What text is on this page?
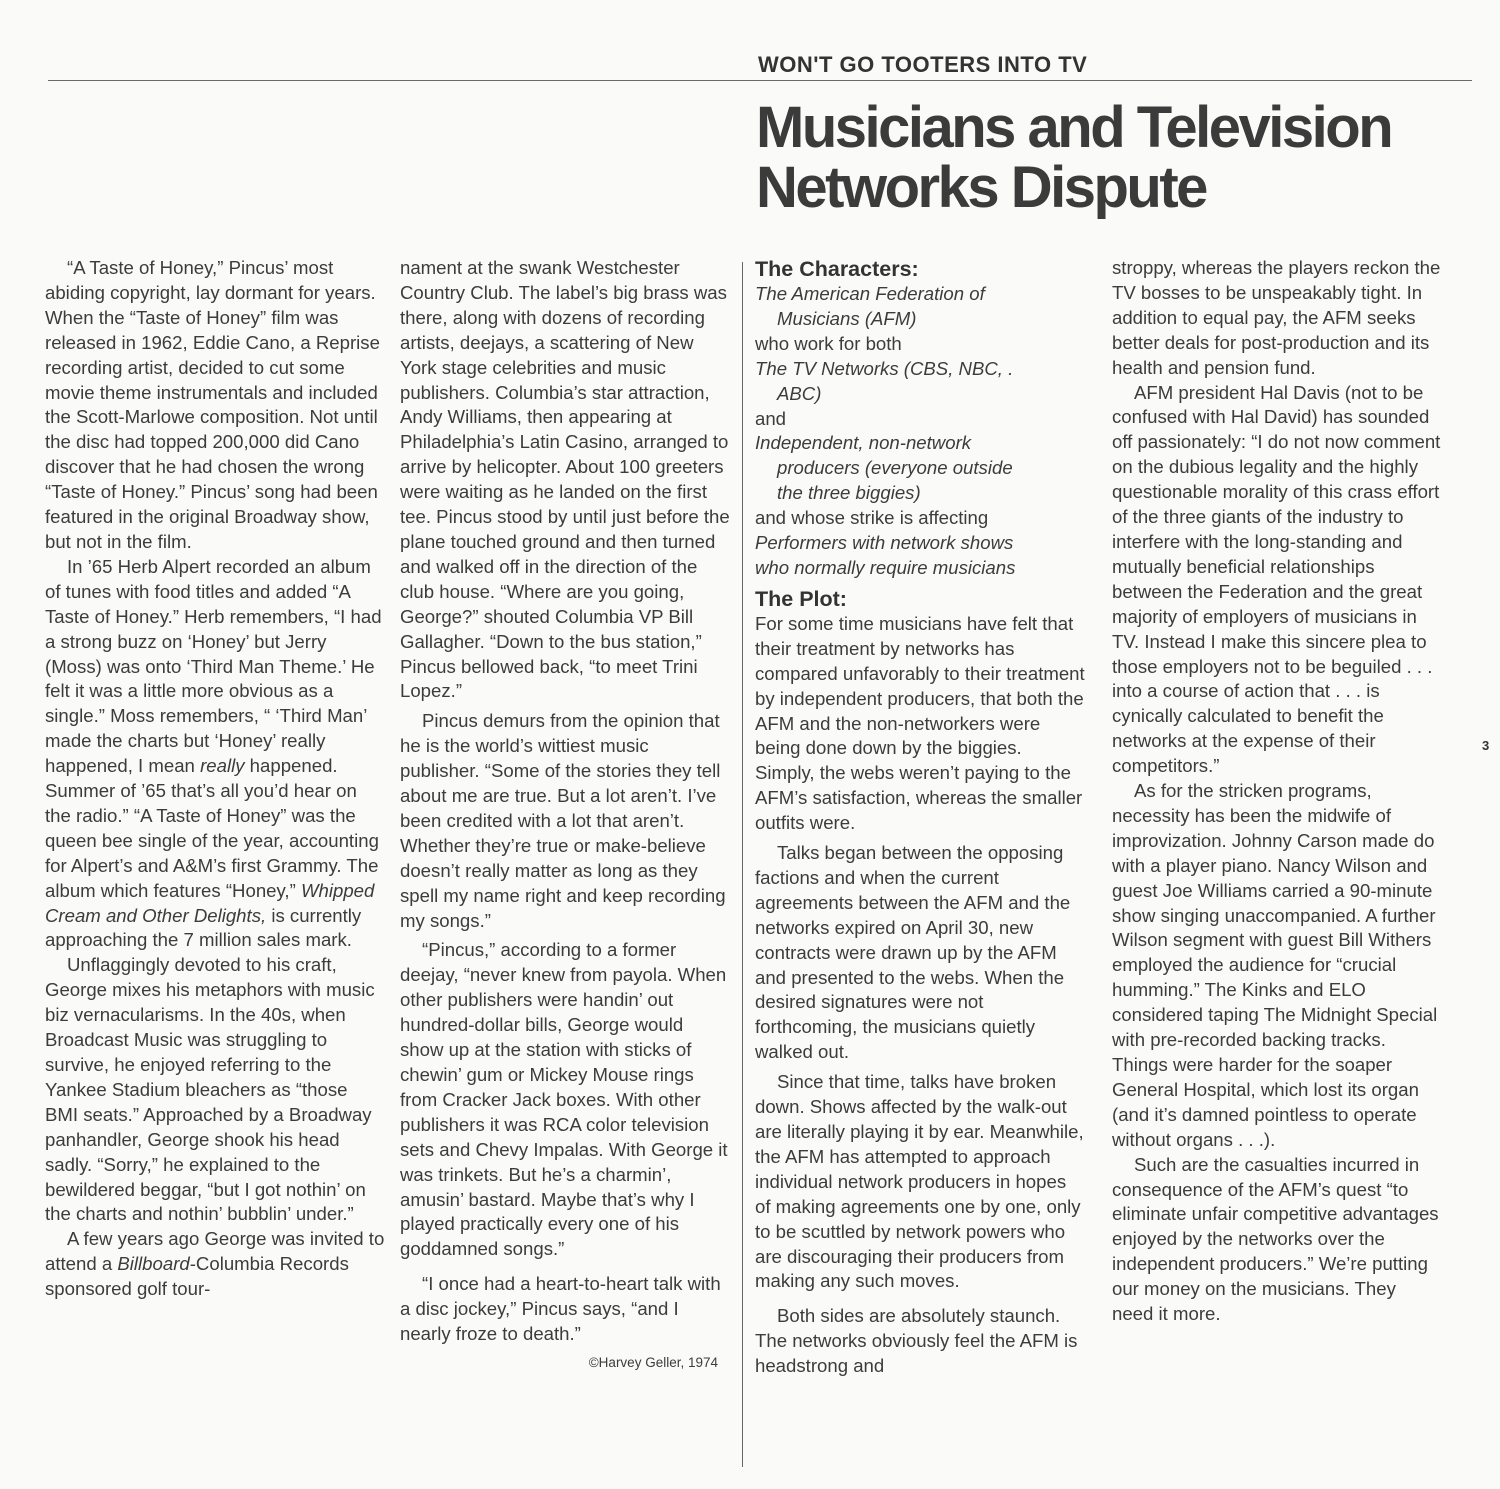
WON'T GO TOOTERS INTO TV
Musicians and Television
Networks Dispute

“A Taste of Honey,” Pincus’ most abiding copyright, lay dormant for years. When the “Taste of Honey” film was released in 1962, Eddie Cano, a Reprise recording artist, decided to cut some movie theme instrumentals and included the Scott-Marlowe composition. Not until the disc had topped 200,000 did Cano discover that he had chosen the wrong “Taste of Honey.” Pincus’ song had been featured in the original Broadway show, but not in the film.

In ’65 Herb Alpert recorded an album of tunes with food titles and added “A Taste of Honey.” Herb remembers, “I had a strong buzz on ‘Honey’ but Jerry (Moss) was onto ‘Third Man Theme.’ He felt it was a little more obvious as a single.” Moss remembers, “ ‘Third Man’ made the charts but ‘Honey’ really happened, I mean really happened. Summer of ’65 that’s all you’d hear on the radio.” “A Taste of Honey” was the queen bee single of the year, accounting for Alpert’s and A&M’s first Grammy. The album which features “Honey,” Whipped Cream and Other Delights, is currently approaching the 7 million sales mark.

Unflaggingly devoted to his craft, George mixes his metaphors with music biz vernacularisms. In the 40s, when Broadcast Music was struggling to survive, he enjoyed referring to the Yankee Stadium bleachers as “those BMI seats.” Approached by a Broadway panhandler, George shook his head sadly. “Sorry,” he explained to the bewildered beggar, “but I got nothin’ on the charts and nothin’ bubblin’ under.”

A few years ago George was invited to attend a Billboard-Columbia Records sponsored golf tour-

nament at the swank Westchester Country Club. The label’s big brass was there, along with dozens of recording artists, deejays, a scattering of New York stage celebrities and music publishers. Columbia’s star attraction, Andy Williams, then appearing at Philadelphia’s Latin Casino, arranged to arrive by helicopter. About 100 greeters were waiting as he landed on the first tee. Pincus stood by until just before the plane touched ground and then turned and walked off in the direction of the club house. “Where are you going, George?” shouted Columbia VP Bill Gallagher. “Down to the bus station,” Pincus bellowed back, “to meet Trini Lopez.”

Pincus demurs from the opinion that he is the world’s wittiest music publisher. “Some of the stories they tell about me are true. But a lot aren’t. I’ve been credited with a lot that aren’t. Whether they’re true or make-believe doesn’t really matter as long as they spell my name right and keep recording my songs.”

“Pincus,” according to a former deejay, “never knew from payola. When other publishers were handin’ out hundred-dollar bills, George would show up at the station with sticks of chewin’ gum or Mickey Mouse rings from Cracker Jack boxes. With other publishers it was RCA color television sets and Chevy Impalas. With George it was trinkets. But he’s a charmin’, amusin’ bastard. Maybe that’s why I played practically every one of his goddamned songs.”

“I once had a heart-to-heart talk with a disc jockey,” Pincus says, “and I nearly froze to death.”

©Harvey Geller, 1974
The Characters:
The American Federation of
Musicians (AFM)
who work for both
The TV Networks (CBS, NBC, .
ABC)
and
Independent, non-network
producers (everyone outside
the three biggies)
and whose strike is affecting
Performers with network shows
who normally require musicians
The Plot:

For some time musicians have felt that their treatment by networks has compared unfavorably to their treatment by independent producers, that both the AFM and the non-networkers were being done down by the biggies. Simply, the webs weren’t paying to the AFM’s satisfaction, whereas the smaller outfits were.

Talks began between the opposing factions and when the current agreements between the AFM and the networks expired on April 30, new contracts were drawn up by the AFM and presented to the webs. When the desired signatures were not forthcoming, the musicians quietly walked out.

Since that time, talks have broken down. Shows affected by the walk-out are literally playing it by ear. Meanwhile, the AFM has attempted to approach individual network producers in hopes of making agreements one by one, only to be scuttled by network powers who are discouraging their producers from making any such moves.

Both sides are absolutely staunch. The networks obviously feel the AFM is headstrong and

stroppy, whereas the players reckon the TV bosses to be unspeakably tight. In addition to equal pay, the AFM seeks better deals for post-production and its health and pension fund.

AFM president Hal Davis (not to be confused with Hal David) has sounded off passionately: “I do not now comment on the dubious legality and the highly questionable morality of this crass effort of the three giants of the industry to interfere with the long-standing and mutually beneficial relationships between the Federation and the great majority of employers of musicians in TV. Instead I make this sincere plea to those employers not to be beguiled . . . into a course of action that . . . is cynically calculated to benefit the networks at the expense of their competitors.”

As for the stricken programs, necessity has been the midwife of improvization. Johnny Carson made do with a player piano. Nancy Wilson and guest Joe Williams carried a 90-minute show singing unaccompanied. A further Wilson segment with guest Bill Withers employed the audience for “crucial humming.” The Kinks and ELO considered taping The Midnight Special with pre-recorded backing tracks. Things were harder for the soaper General Hospital, which lost its organ (and it’s damned pointless to operate without organs . . .).

Such are the casualties incurred in consequence of the AFM’s quest “to eliminate unfair competitive advantages enjoyed by the networks over the independent producers.” We’re putting our money on the musicians. They need it more.

3
